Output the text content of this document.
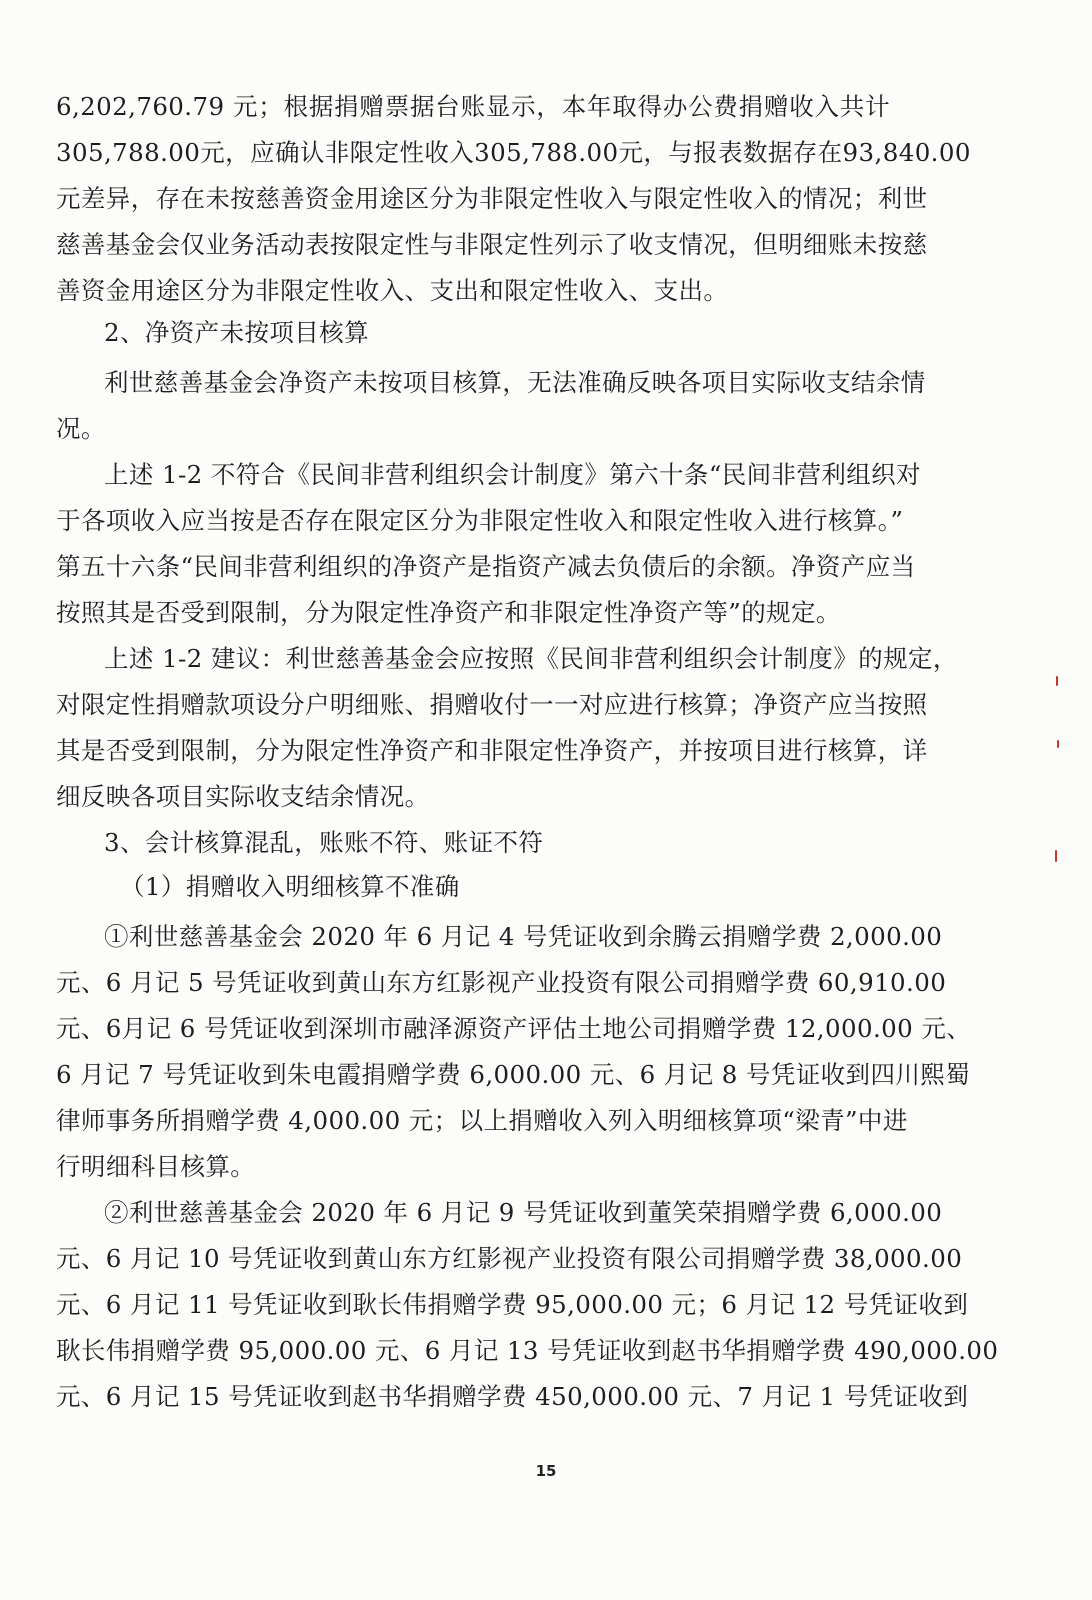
6,202,760.79 元；根据捐赠票据台账显示，本年取得办公费捐赠收入共计
305,788.00元，应确认非限定性收入305,788.00元，与报表数据存在93,840.00
元差异，存在未按慈善资金用途区分为非限定性收入与限定性收入的情况；利世
慈善基金会仅业务活动表按限定性与非限定性列示了收支情况，但明细账未按慈
善资金用途区分为非限定性收入、支出和限定性收入、支出。
2、净资产未按项目核算
利世慈善基金会净资产未按项目核算，无法准确反映各项目实际收支结余情
况。
上述 1-2 不符合《民间非营利组织会计制度》第六十条“民间非营利组织对
于各项收入应当按是否存在限定区分为非限定性收入和限定性收入进行核算。”
第五十六条“民间非营利组织的净资产是指资产减去负债后的余额。净资产应当
按照其是否受到限制，分为限定性净资产和非限定性净资产等”的规定。
上述 1-2 建议：利世慈善基金会应按照《民间非营利组织会计制度》的规定，
对限定性捐赠款项设分户明细账、捐赠收付一一对应进行核算；净资产应当按照
其是否受到限制，分为限定性净资产和非限定性净资产，并按项目进行核算，详
细反映各项目实际收支结余情况。
3、会计核算混乱，账账不符、账证不符
（1）捐赠收入明细核算不准确
①利世慈善基金会 2020 年 6 月记 4 号凭证收到余腾云捐赠学费 2,000.00
元、6 月记 5 号凭证收到黄山东方红影视产业投资有限公司捐赠学费 60,910.00
元、6月记 6 号凭证收到深圳市融泽源资产评估土地公司捐赠学费 12,000.00 元、
6 月记 7 号凭证收到朱电霞捐赠学费 6,000.00 元、6 月记 8 号凭证收到四川熙蜀
律师事务所捐赠学费 4,000.00 元；以上捐赠收入列入明细核算项“梁青”中进
行明细科目核算。
②利世慈善基金会 2020 年 6 月记 9 号凭证收到董笑荣捐赠学费 6,000.00
元、6 月记 10 号凭证收到黄山东方红影视产业投资有限公司捐赠学费 38,000.00
元、6 月记 11 号凭证收到耿长伟捐赠学费 95,000.00 元；6 月记 12 号凭证收到
耿长伟捐赠学费 95,000.00 元、6 月记 13 号凭证收到赵书华捐赠学费 490,000.00
元、6 月记 15 号凭证收到赵书华捐赠学费 450,000.00 元、7 月记 1 号凭证收到
15
